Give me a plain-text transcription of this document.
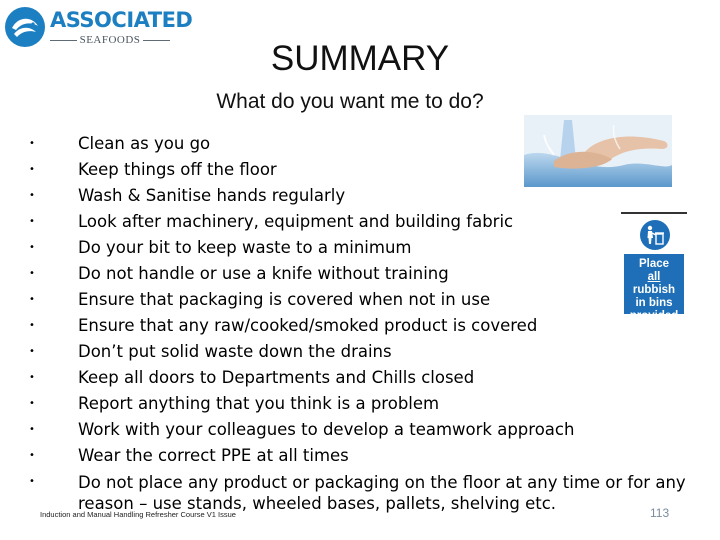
ASSOCIATED
SEAFOODS	SUMMARY
What do you want me to do?
Place
all
rubbish
in bins
provided
•	Clean as you go
•	Keep things off the floor
•	Wash & Sanitise hands regularly
•	Look after machinery, equipment and building fabric
•	Do your bit to keep waste to a minimum
•	Do not handle or use a knife without training
•	Ensure that packaging is covered when not in use
•	Ensure that any raw/cooked/smoked product is covered
•	Don’t put solid waste down the drains
•	Keep all doors to Departments and Chills closed
•	Report anything that you think is a problem
•	Work with your colleagues to develop a teamwork approach
•	Wear the correct PPE at all times
•	Do not place any product or packaging on the floor at any time or for any reason – use stands, wheeled bases, pallets, shelving etc.
Induction and Manual Handling Refresher Course V1 Issue	113
